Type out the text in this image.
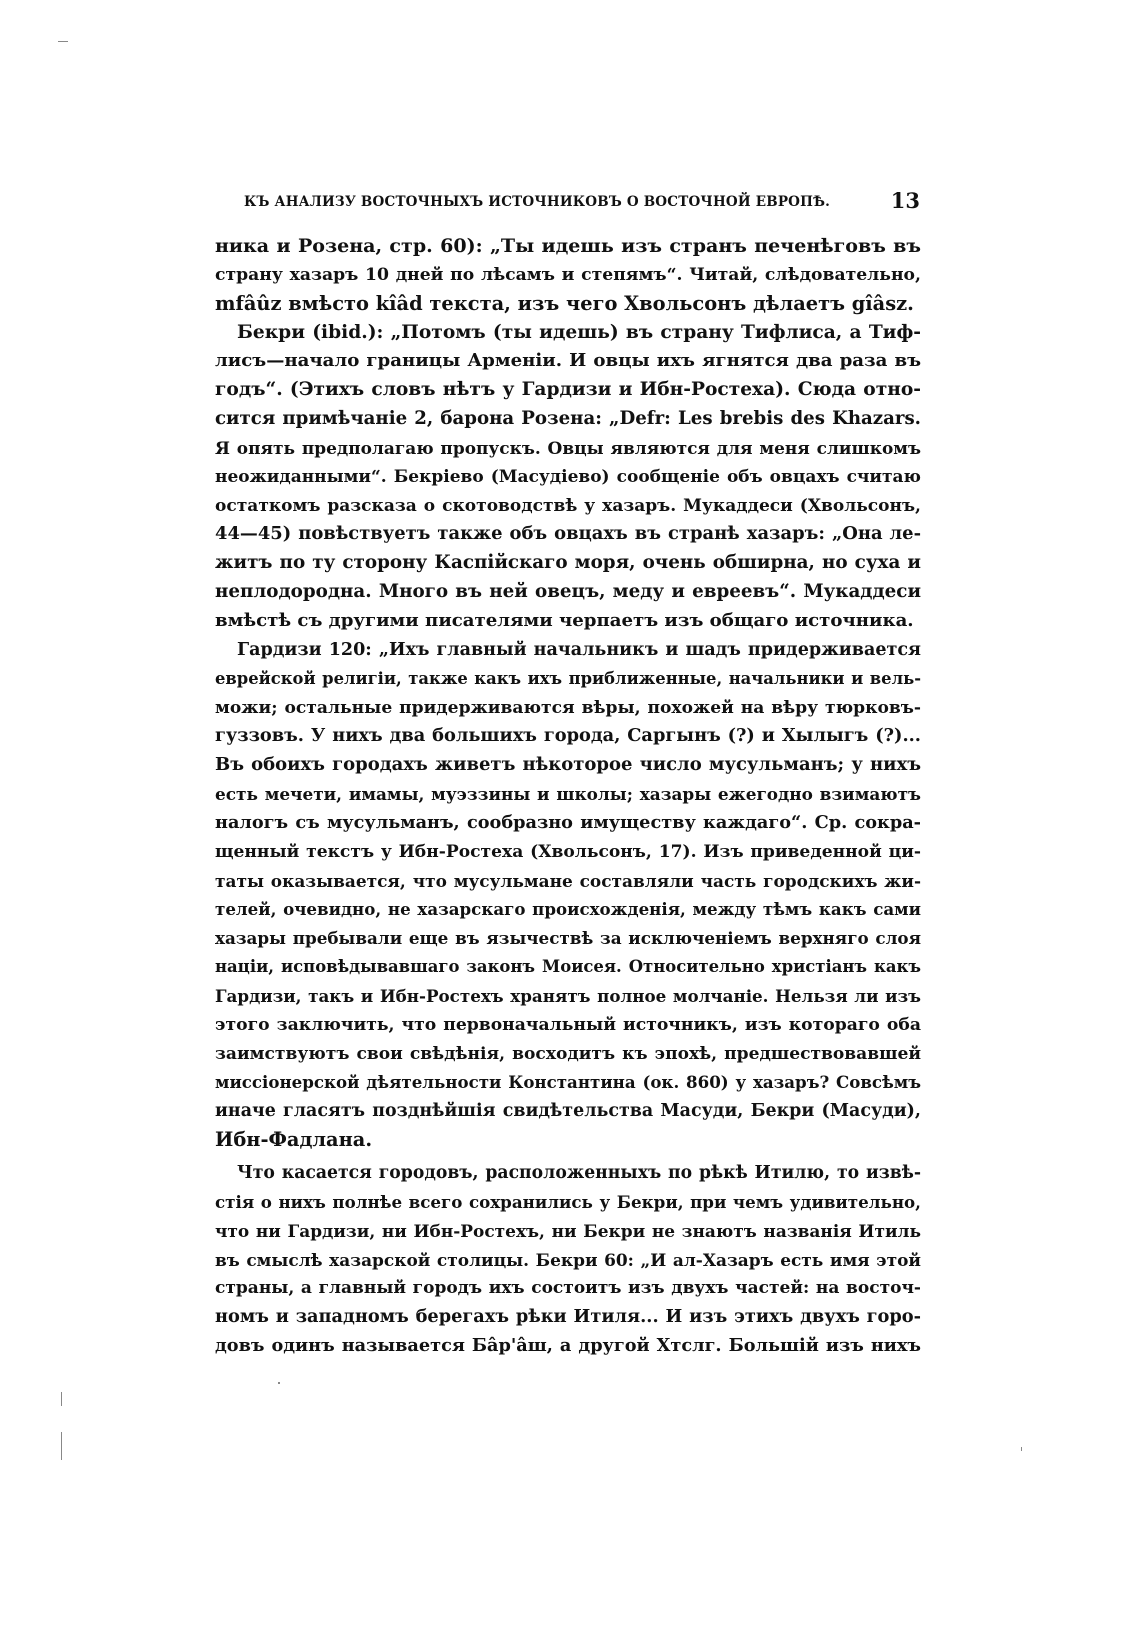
КЪ АНАЛИЗУ ВОСТОЧНЫХЪ ИСТОЧНИКОВЪ О ВОСТОЧНОЙ ЕВРОПѢ.	13
ника и Розена, стр. 60): „Ты идешь изъ странъ печенѣговъ въ
страну хазаръ 10 дней по лѣсамъ и степямъ“. Читай, слѣдовательно,
mfâûz вмѣсто kîâd текста, изъ чего Хвольсонъ дѣлаетъ gîâsz.
Бекри (ibid.): „Потомъ (ты идешь) въ страну Тифлиса, а Тиф-
лисъ—начало границы Арменіи. И овцы ихъ ягнятся два раза въ
годъ“. (Этихъ словъ нѣтъ у Гардизи и Ибн-Ростеха). Сюда отно-
сится примѣчаніе 2, барона Розена: „Defr: Les brebis des Khazars.
Я опять предполагаю пропускъ. Овцы являются для меня слишкомъ
неожиданными“. Бекріево (Масудіево) сообщеніе объ овцахъ считаю
остаткомъ разсказа о скотоводствѣ у хазаръ. Мукаддеси (Хвольсонъ,
44—45) повѣствуетъ также объ овцахъ въ странѣ хазаръ: „Она ле-
житъ по ту сторону Каспійскаго моря, очень обширна, но суха и
неплодородна. Много въ ней овецъ, меду и евреевъ“. Мукаддеси
вмѣстѣ съ другими писателями черпаетъ изъ общаго источника.
Гардизи 120: „Ихъ главный начальникъ и шадъ придерживается
еврейской религіи, также какъ ихъ приближенные, начальники и вель-
можи; остальные придерживаются вѣры, похожей на вѣру тюрковъ-
гуззовъ. У нихъ два большихъ города, Саргынъ (?) и Хылыгъ (?)...
Въ обоихъ городахъ живетъ нѣкоторое число мусульманъ; у нихъ
есть мечети, имамы, муэззины и школы; хазары ежегодно взимаютъ
налогъ съ мусульманъ, сообразно имуществу каждаго“. Ср. сокра-
щенный текстъ у Ибн-Ростеха (Хвольсонъ, 17). Изъ приведенной ци-
таты оказывается, что мусульмане составляли часть городскихъ жи-
телей, очевидно, не хазарскаго происхожденія, между тѣмъ какъ сами
хазары пребывали еще въ язычествѣ за исключеніемъ верхняго слоя
націи, исповѣдывавшаго законъ Моисея. Относительно христіанъ какъ
Гардизи, такъ и Ибн-Ростехъ хранятъ полное молчаніе. Нельзя ли изъ
этого заключить, что первоначальный источникъ, изъ котораго оба
заимствуютъ свои свѣдѣнія, восходитъ къ эпохѣ, предшествовавшей
миссіонерской дѣятельности Константина (ок. 860) у хазаръ? Совсѣмъ
иначе гласятъ позднѣйшія свидѣтельства Масуди, Бекри (Масуди),
Ибн-Фадлана.
Что касается городовъ, расположенныхъ по рѣкѣ Итилю, то извѣ-
стія о нихъ полнѣе всего сохранились у Бекри, при чемъ удивительно,
что ни Гардизи, ни Ибн-Ростехъ, ни Бекри не знаютъ названія Итиль
въ смыслѣ хазарской столицы. Бекри 60: „И ал-Хазаръ есть имя этой
страны, а главный городъ ихъ состоитъ изъ двухъ частей: на восточ-
номъ и западномъ берегахъ рѣки Итиля... И изъ этихъ двухъ горо-
довъ одинъ называется Бâр'âш, а другой Хтслг. Большій изъ нихъ
